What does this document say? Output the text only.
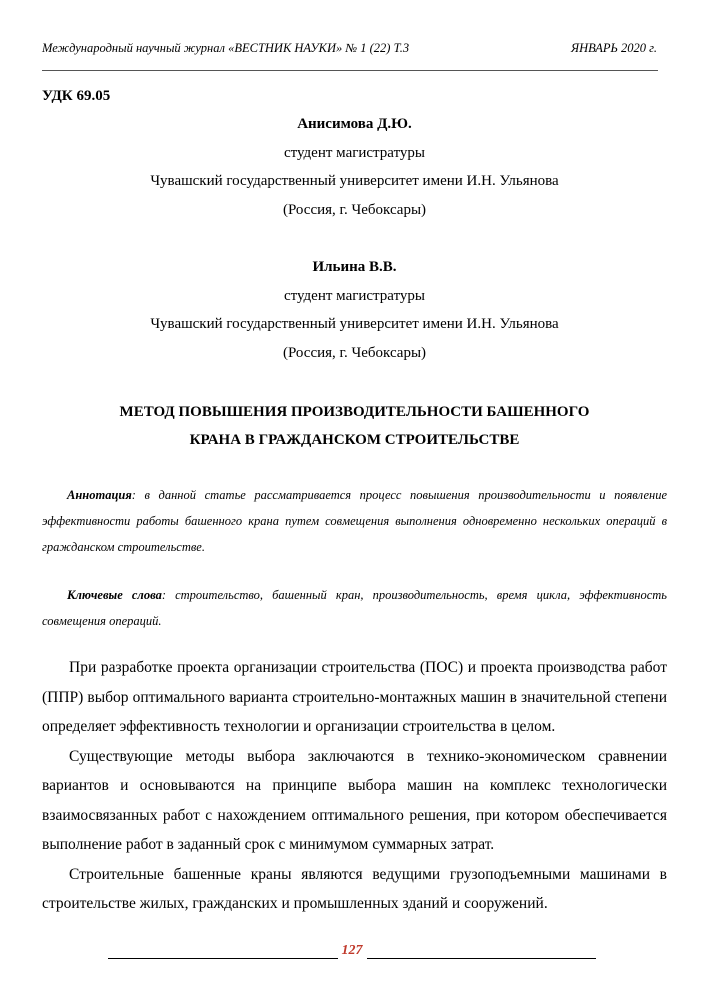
Международный научный журнал «ВЕСТНИК НАУКИ» № 1 (22) Т.3	ЯНВАРЬ 2020 г.
УДК 69.05
Анисимова Д.Ю.
студент магистратуры
Чувашский государственный университет имени И.Н. Ульянова
(Россия, г. Чебоксары)
Ильина В.В.
студент магистратуры
Чувашский государственный университет имени И.Н. Ульянова
(Россия, г. Чебоксары)
МЕТОД ПОВЫШЕНИЯ ПРОИЗВОДИТЕЛЬНОСТИ БАШЕННОГО
КРАНА В ГРАЖДАНСКОМ СТРОИТЕЛЬСТВЕ

Аннотация: в данной статье рассматривается процесс повышения производительности и появление эффективности работы башенного крана путем совмещения выполнения одновременно нескольких операций в гражданском строительстве.

Ключевые слова: строительство, башенный кран, производительность, время цикла, эффективность совмещения операций.

При разработке проекта организации строительства (ПОС) и проекта производства работ (ППР) выбор оптимального варианта строительно-монтажных машин в значительной степени определяет эффективность технологии и организации строительства в целом.

Существующие методы выбора заключаются в технико-экономическом сравнении вариантов и основываются на принципе выбора машин на комплекс технологически взаимосвязанных работ с нахождением оптимального решения, при котором обеспечивается выполнение работ в заданный срок с минимумом суммарных затрат.

Строительные башенные краны являются ведущими грузоподъемными машинами в строительстве жилых, гражданских и промышленных зданий и сооружений.

127
